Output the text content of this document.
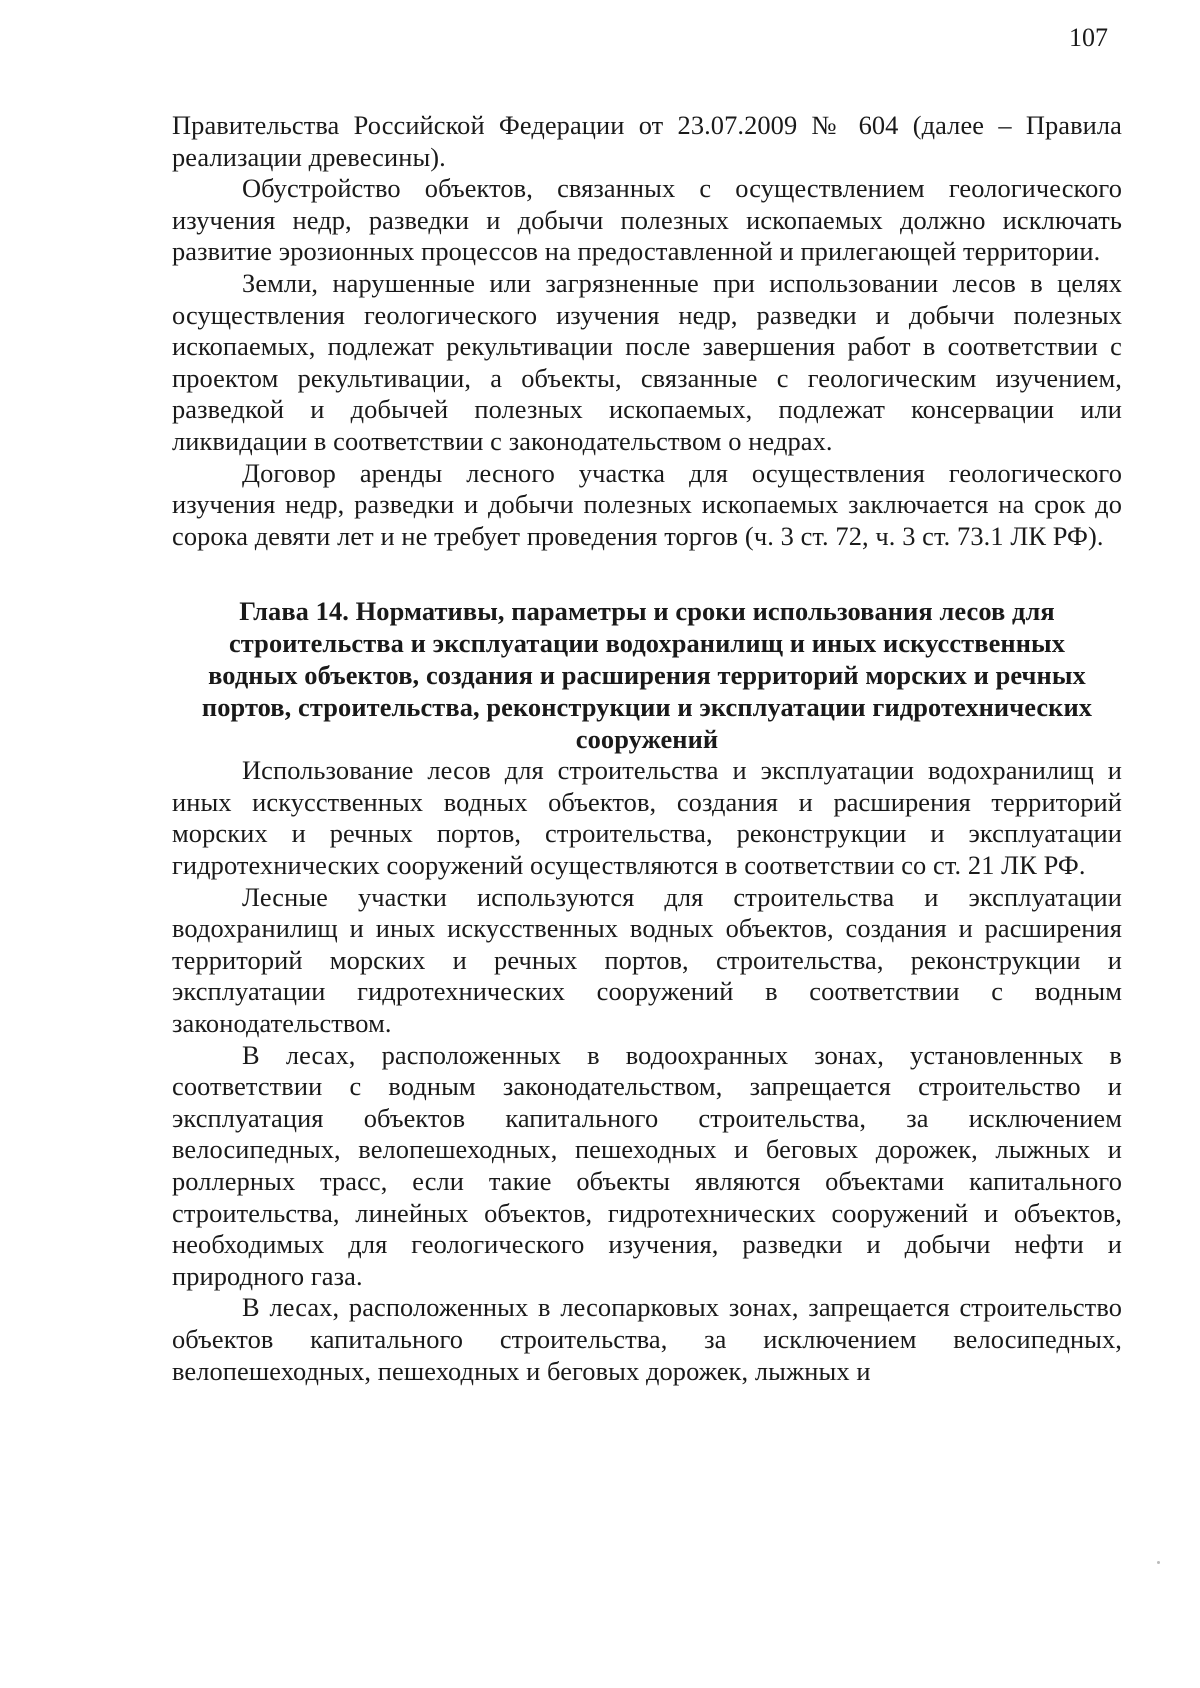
107

Правительства Российской Федерации от 23.07.2009 № 604 (далее – Правила реализации древесины).

Обустройство объектов, связанных с осуществлением геологического изучения недр, разведки и добычи полезных ископаемых должно исключать развитие эрозионных процессов на предоставленной и прилегающей территории.

Земли, нарушенные или загрязненные при использовании лесов в целях осуществления геологического изучения недр, разведки и добычи полезных ископаемых, подлежат рекультивации после завершения работ в соответствии с проектом рекультивации, а объекты, связанные с геологическим изучением, разведкой и добычей полезных ископаемых, подлежат консервации или ликвидации в соответствии с законодательством о недрах.

Договор аренды лесного участка для осуществления геологического изучения недр, разведки и добычи полезных ископаемых заключается на срок до сорока девяти лет и не требует проведения торгов (ч. 3 ст. 72, ч. 3 ст. 73.1 ЛК РФ).

Глава 14. Нормативы, параметры и сроки использования лесов для строительства и эксплуатации водохранилищ и иных искусственных водных объектов, создания и расширения территорий морских и речных портов, строительства, реконструкции и эксплуатации гидротехнических сооружений

Использование лесов для строительства и эксплуатации водохранилищ и иных искусственных водных объектов, создания и расширения территорий морских и речных портов, строительства, реконструкции и эксплуатации гидротехнических сооружений осуществляются в соответствии со ст. 21 ЛК РФ.

Лесные участки используются для строительства и эксплуатации водохранилищ и иных искусственных водных объектов, создания и расширения территорий морских и речных портов, строительства, реконструкции и эксплуатации гидротехнических сооружений в соответствии с водным законодательством.

В лесах, расположенных в водоохранных зонах, установленных в соответствии с водным законодательством, запрещается строительство и эксплуатация объектов капитального строительства, за исключением велосипедных, велопешеходных, пешеходных и беговых дорожек, лыжных и роллерных трасс, если такие объекты являются объектами капитального строительства, линейных объектов, гидротехнических сооружений и объектов, необходимых для геологического изучения, разведки и добычи нефти и природного газа.

В лесах, расположенных в лесопарковых зонах, запрещается строительство объектов капитального строительства, за исключением велосипедных, велопешеходных, пешеходных и беговых дорожек, лыжных и
